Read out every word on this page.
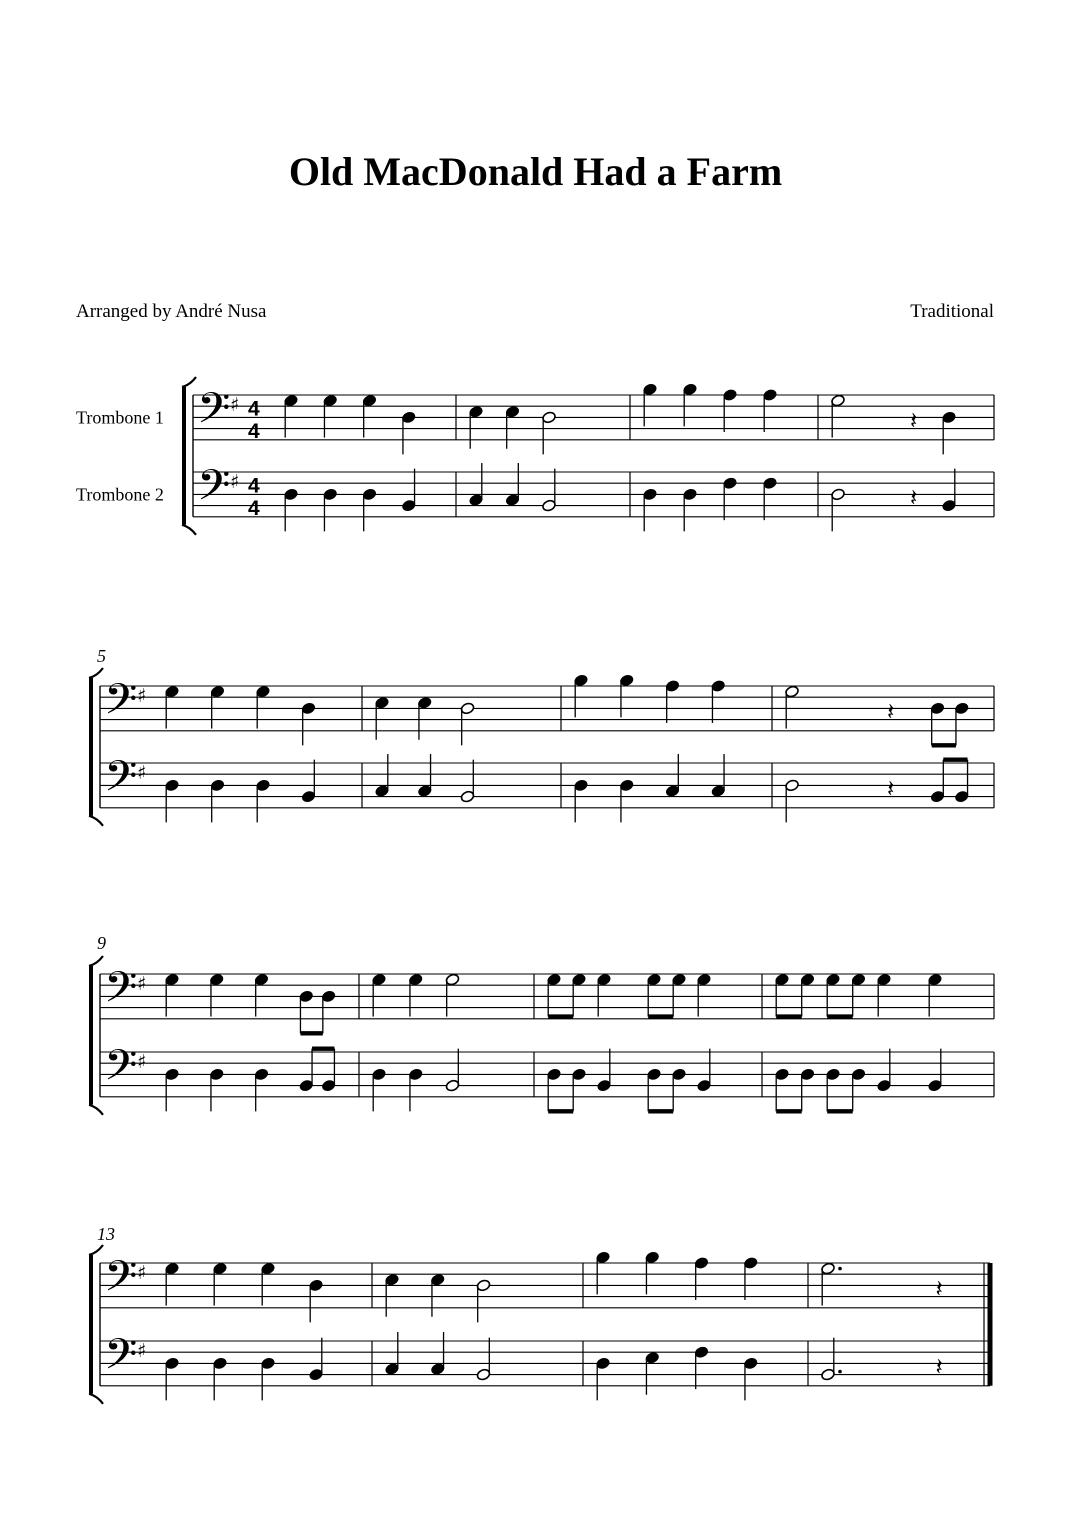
Old MacDonald Had a Farm
Arranged by André Nusa	Traditional
Trombone 1
Trombone 2
𝄢 ♯ 4
4
𝄢 ♯ 4
4
𝄽
𝄽
5
𝄢 ♯
𝄢 ♯
𝄽
𝄽
9
𝄢 ♯
𝄢 ♯
13
𝄢 ♯
𝄢 ♯
𝄽
𝄽
